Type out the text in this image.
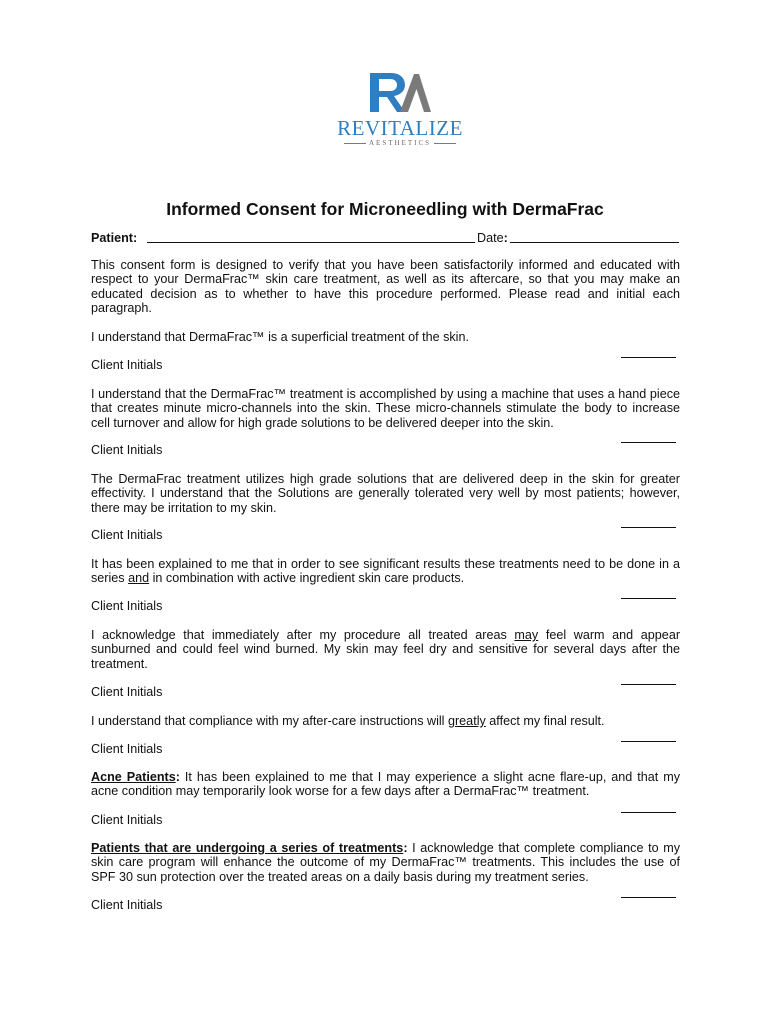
REVITALIZE
AESTHETICS
Informed Consent for Microneedling with DermaFrac
Patient:	Date:
This consent form is designed to verify that you have been satisfactorily informed and educated with respect to your DermaFrac™ skin care treatment, as well as its aftercare, so that you may make an educated decision as to whether to have this procedure performed. Please read and initial each paragraph.
I understand that DermaFrac™ is a superficial treatment of the skin.
Client Initials
I understand that the DermaFrac™ treatment is accomplished by using a machine that uses a hand piece that creates minute micro-channels into the skin. These micro-channels stimulate the body to increase cell turnover and allow for high grade solutions to be delivered deeper into the skin.
Client Initials
The DermaFrac treatment utilizes high grade solutions that are delivered deep in the skin for greater effectivity. I understand that the Solutions are generally tolerated very well by most patients; however, there may be irritation to my skin.
Client Initials
It has been explained to me that in order to see significant results these treatments need to be done in a series and in combination with active ingredient skin care products.
Client Initials
I acknowledge that immediately after my procedure all treated areas may feel warm and appear sunburned and could feel wind burned. My skin may feel dry and sensitive for several days after the treatment.
Client Initials
I understand that compliance with my after-care instructions will greatly affect my final result.
Client Initials
Acne Patients: It has been explained to me that I may experience a slight acne flare-up, and that my acne condition may temporarily look worse for a few days after a DermaFrac™ treatment.
Client Initials
Patients that are undergoing a series of treatments: I acknowledge that complete compliance to my skin care program will enhance the outcome of my DermaFrac™ treatments. This includes the use of SPF 30 sun protection over the treated areas on a daily basis during my treatment series.
Client Initials
